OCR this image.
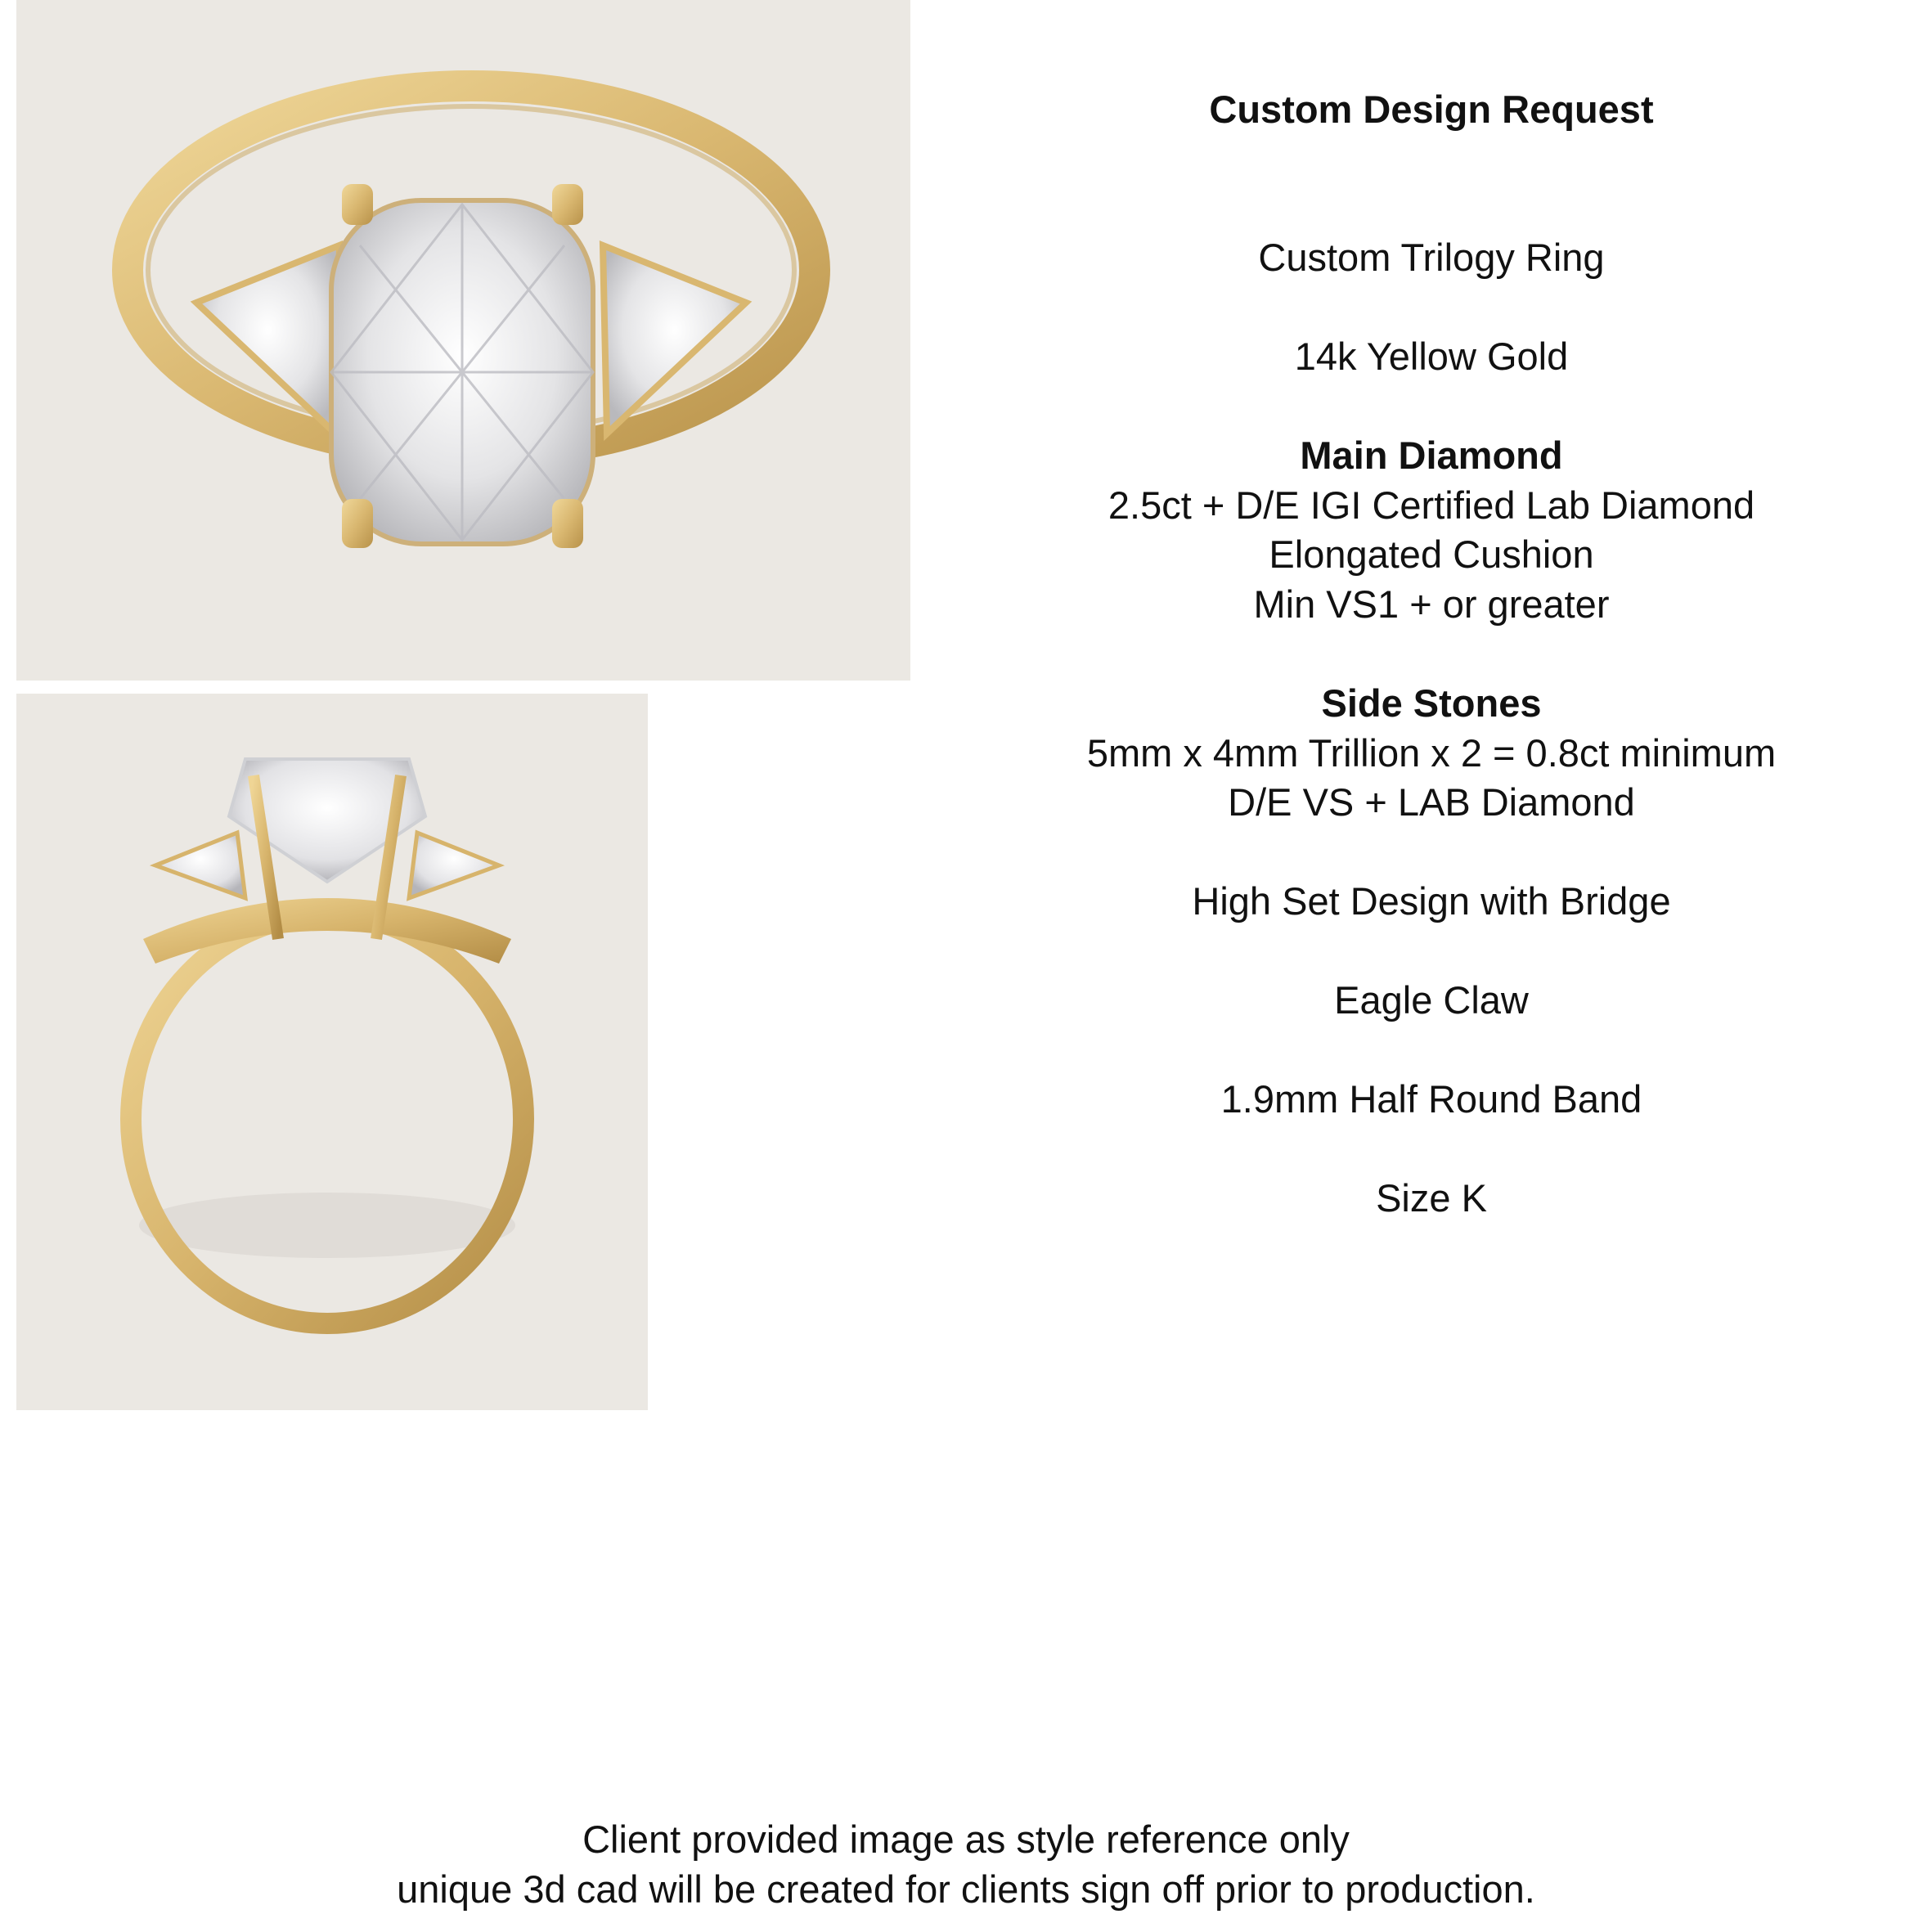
Custom Design Request
Custom Trilogy Ring
14k Yellow Gold
Main Diamond
2.5ct + D/E IGI Certified Lab Diamond
Elongated Cushion
Min VS1 + or greater
Side Stones
5mm x 4mm Trillion x 2 = 0.8ct minimum
D/E VS + LAB Diamond
High Set Design with Bridge
Eagle Claw
1.9mm Half Round Band
Size K
Client provided image as style reference only
unique 3d cad will be created for clients sign off prior to production.
